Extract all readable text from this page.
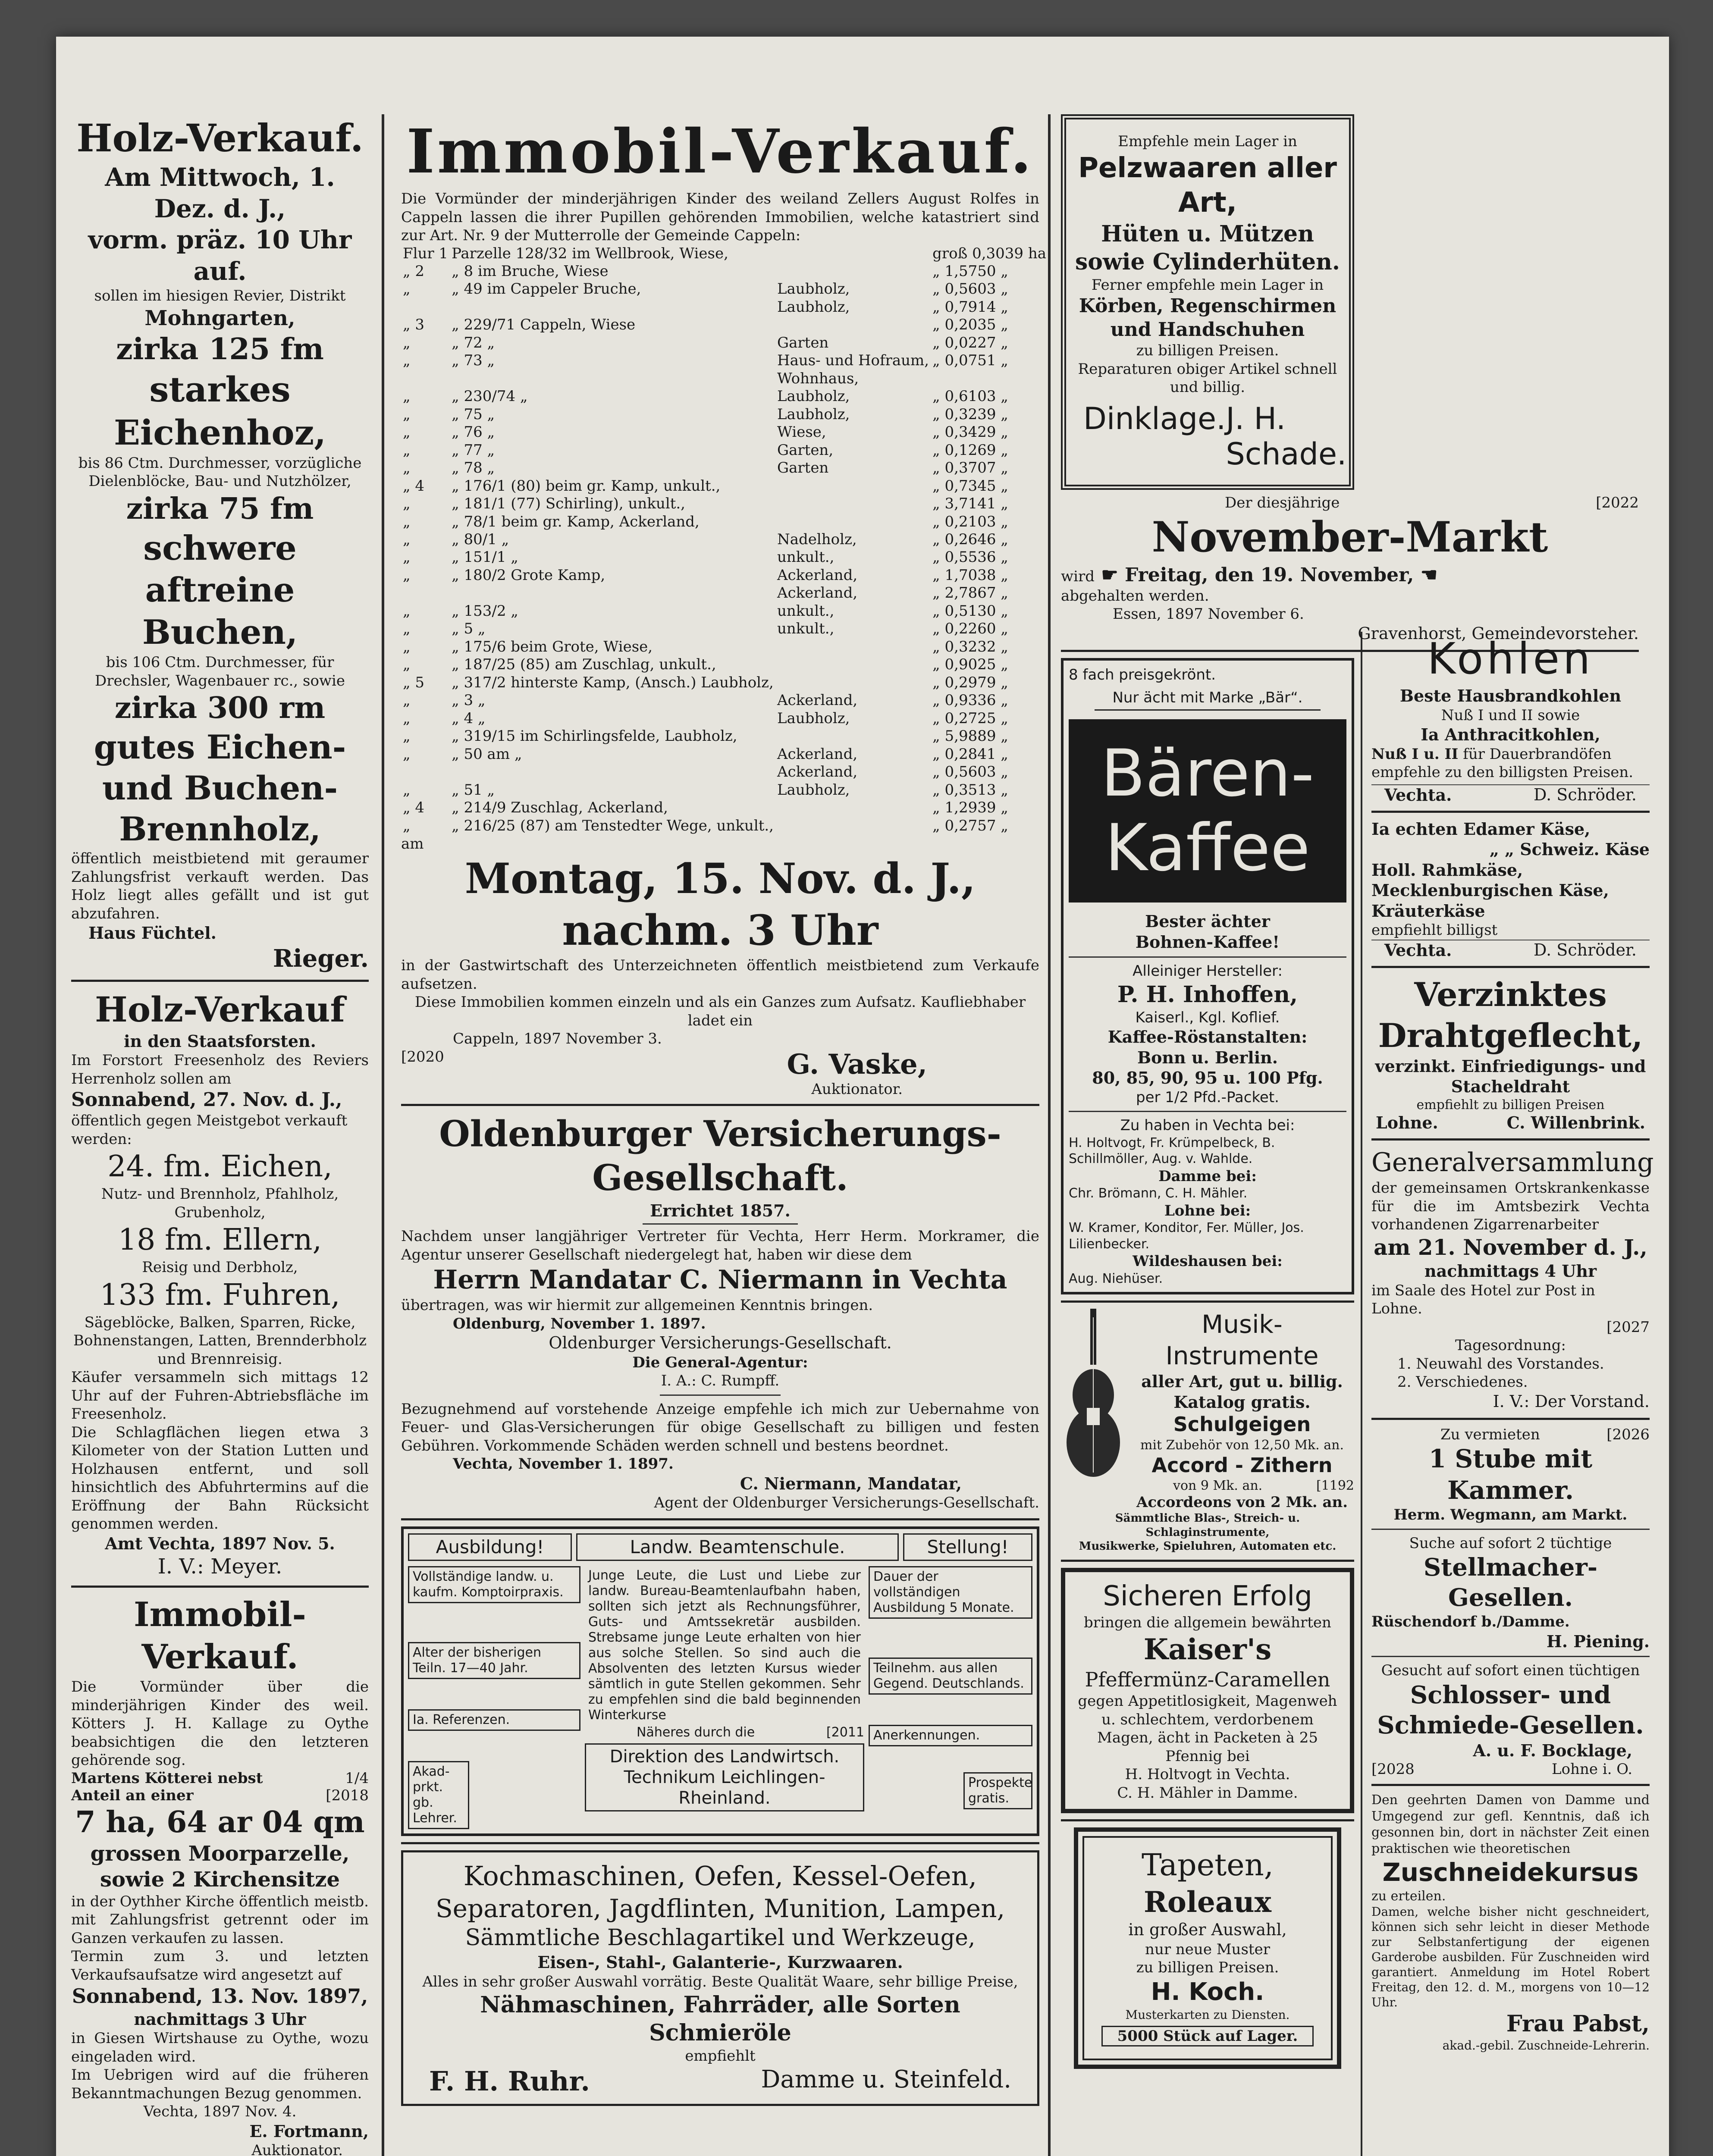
Holz-Verkauf.

Am Mittwoch, 1. Dez. d. J.,

vorm. präz. 10 Uhr auf.

sollen im hiesigen Revier, Distrikt

Mohngarten,

zirka 125 fm

starkes Eichenhoz,

bis 86 Ctm. Durchmesser, vorzügliche Dielenblöcke, Bau- und Nutzhölzer,

zirka 75 fm

schwere aftreine Buchen,

bis 106 Ctm. Durchmesser, für Drechsler, Wagenbauer rc., sowie

zirka 300 rm

gutes Eichen- und Buchen-Brennholz,

öffentlich meistbietend mit geraumer Zahlungsfrist verkauft werden. Das Holz liegt alles gefällt und ist gut abzufahren.

Haus Füchtel.

Rieger.

Holz-Verkauf

in den Staatsforsten.

Im Forstort Freesenholz des Reviers Herrenholz sollen am

Sonnabend, 27. Nov. d. J.,

öffentlich gegen Meistgebot verkauft werden:

24. fm. Eichen,

Nutz- und Brennholz, Pfahlholz, Grubenholz,

18 fm. Ellern,

Reisig und Derbholz,

133 fm. Fuhren,

Sägeblöcke, Balken, Sparren, Ricke, Bohnenstangen, Latten, Brennderbholz und Brennreisig.

Käufer versammeln sich mittags 12 Uhr auf der Fuhren-Abtriebsfläche im Freesenholz.

Die Schlagflächen liegen etwa 3 Kilometer von der Station Lutten und Holzhausen entfernt, und soll hinsichtlich des Abfuhrtermins auf die Eröffnung der Bahn Rücksicht genommen werden.

Amt Vechta, 1897 Nov. 5.

I. V.: Meyer.

Immobil-Verkauf.

Die Vormünder über die minderjährigen Kinder des weil. Kötters J. H. Kallage zu Oythe beabsichtigen die den letzteren gehörende sog.

Martens Kötterei nebst	1/4
Anteil an einer	[2018

7 ha, 64 ar 04 qm

grossen Moorparzelle,

sowie 2 Kirchensitze

in der Oythher Kirche öffentlich meistb. mit Zahlungsfrist getrennt oder im Ganzen verkaufen zu lassen.

Termin zum 3. und letzten Verkaufsaufsatze wird angesetzt auf

Sonnabend, 13. Nov. 1897,

nachmittags 3 Uhr

in Giesen Wirtshause zu Oythe, wozu eingeladen wird.

Im Uebrigen wird auf die früheren Bekanntmachungen Bezug genommen.

Vechta, 1897 Nov. 4.

E. Fortmann,

Auktionator.

Immobil-Verkauf.

Die Vormünder der minderjährigen Kinder des weiland Zellers August Rolfes in Cappeln lassen die ihrer Pupillen gehörenden Immobilien, welche katastriert sind zur Art. Nr. 9 der Mutterrolle der Gemeinde Cappeln:

Flur 1	Parzelle 128/32 im Wellbrook, Wiese,		groß 0,3039 ha
„ 2	„ 8 im Bruche, Wiese		„ 1,5750 „
„	„ 49 im Cappeler Bruche,	Laubholz,	„ 0,5603 „
		Laubholz,	„ 0,7914 „
„ 3	„ 229/71 Cappeln, Wiese		„ 0,2035 „
„	„ 72 „	Garten	„ 0,0227 „
„	„ 73 „	Haus- und Hofraum,	„ 0,0751 „
		Wohnhaus,	
„	„ 230/74 „	Laubholz,	„ 0,6103 „
„	„ 75 „	Laubholz,	„ 0,3239 „
„	„ 76 „	Wiese,	„ 0,3429 „
„	„ 77 „	Garten,	„ 0,1269 „
„	„ 78 „	Garten	„ 0,3707 „
„ 4	„ 176/1 (80) beim gr. Kamp, unkult.,		„ 0,7345 „
„	„ 181/1 (77) Schirling), unkult.,		„ 3,7141 „
„	„ 78/1 beim gr. Kamp, Ackerland,		„ 0,2103 „
„	„ 80/1 „	Nadelholz,	„ 0,2646 „
„	„ 151/1 „	unkult.,	„ 0,5536 „
„	„ 180/2 Grote Kamp,	Ackerland,	„ 1,7038 „
		Ackerland,	„ 2,7867 „
„	„ 153/2 „	unkult.,	„ 0,5130 „
„	„ 5 „	unkult.,	„ 0,2260 „
„	„ 175/6 beim Grote, Wiese,		„ 0,3232 „
„	„ 187/25 (85) am Zuschlag, unkult.,		„ 0,9025 „
„ 5	„ 317/2 hinterste Kamp, (Ansch.) Laubholz,		„ 0,2979 „
„	„ 3 „	Ackerland,	„ 0,9336 „
„	„ 4 „	Laubholz,	„ 0,2725 „
„	„ 319/15 im Schirlingsfelde, Laubholz,		„ 5,9889 „
„	„ 50 am „	Ackerland,	„ 0,2841 „
		Ackerland,	„ 0,5603 „
„	„ 51 „	Laubholz,	„ 0,3513 „
„ 4	„ 214/9 Zuschlag, Ackerland,		„ 1,2939 „
„	„ 216/25 (87) am Tenstedter Wege, unkult.,		„ 0,2757 „

am

Montag, 15. Nov. d. J.,

nachm. 3 Uhr

in der Gastwirtschaft des Unterzeichneten öffentlich meistbietend zum Verkaufe aufsetzen.

Diese Immobilien kommen einzeln und als ein Ganzes zum Aufsatz. Kaufliebhaber ladet ein

Cappeln, 1897 November 3.

[2020	G. Vaske,
Auktionator.

Oldenburger Versicherungs-Gesellschaft.

Errichtet 1857.

Nachdem unser langjähriger Vertreter für Vechta, Herr Herm. Morkramer, die Agentur unserer Gesellschaft niedergelegt hat, haben wir diese dem

Herrn Mandatar C. Niermann in Vechta

übertragen, was wir hiermit zur allgemeinen Kenntnis bringen.

Oldenburg, November 1. 1897.

Oldenburger Versicherungs-Gesellschaft.

Die General-Agentur:

I. A.: C. Rumpff.

Bezugnehmend auf vorstehende Anzeige empfehle ich mich zur Uebernahme von Feuer- und Glas-Versicherungen für obige Gesellschaft zu billigen und festen Gebühren. Vorkommende Schäden werden schnell und bestens beordnet.

Vechta, November 1. 1897.

C. Niermann, Mandatar,

Agent der Oldenburger Versicherungs-Gesellschaft.

Ausbildung!	Landw. Beamtenschule.	Stellung!
Vollständige landw. u. kaufm. Komptoirpraxis.
Alter der bisherigen Teiln. 17—40 Jahr.
Ia. Referenzen.
Akad-prkt. gb. Lehrer.
Junge Leute, die Lust und Liebe zur landw. Bureau-Beamtenlaufbahn haben, sollten sich jetzt als Rechnungsführer, Guts- und Amtssekretär ausbilden. Strebsame junge Leute erhalten von hier aus solche Stellen. So sind auch die Absolventen des letzten Kursus wieder sämtlich in gute Stellen gekommen. Sehr zu empfehlen sind die bald beginnenden Winterkurse
Näheres durch die	[2011
Direktion des Landwirtsch. Technikum Leichlingen-Rheinland.
Dauer der vollständigen Ausbildung 5 Monate.
Teilnehm. aus allen Gegend. Deutschlands.
Anerkennungen.
Prospekte gratis.

Kochmaschinen, Oefen, Kessel-Oefen,

Separatoren, Jagdflinten, Munition, Lampen,

Sämmtliche Beschlagartikel und Werkzeuge,

Eisen-, Stahl-, Galanterie-, Kurzwaaren.

Alles in sehr großer Auswahl vorrätig. Beste Qualität Waare, sehr billige Preise,

Nähmaschinen, Fahrräder, alle Sorten Schmieröle

empfiehlt

F. H. Ruhr.	Damme u. Steinfeld.

Empfehle mein Lager in

Pelzwaaren aller Art,

Hüten u. Mützen sowie Cylinderhüten.

Ferner empfehle mein Lager in

Körben, Regenschirmen und Handschuhen

zu billigen Preisen.

Reparaturen obiger Artikel schnell und billig.

Dinklage. J. H. Schade.
Der diesjährige	[2022

November-Markt

wird ☛ Freitag, den 19. November, ☚

abgehalten werden.

Essen, 1897 November 6.

Gravenhorst, Gemeindevorsteher.

8 fach preisgekrönt.

Nur ächt mit Marke „Bär“.

Bären-

Kaffee

Bester ächter

Bohnen-Kaffee!

Alleiniger Hersteller:

P. H. Inhoffen,

Kaiserl., Kgl. Koflief.

Kaffee-Röstanstalten:

Bonn u. Berlin.

80, 85, 90, 95 u. 100 Pfg.

per 1/2 Pfd.-Packet.

Zu haben in Vechta bei:

H. Holtvogt, Fr. Krümpelbeck, B. Schillmöller, Aug. v. Wahlde.

Damme bei:

Chr. Brömann, C. H. Mähler.

Lohne bei:

W. Kramer, Konditor, Fer. Müller, Jos. Lilienbecker.

Wildeshausen bei:

Aug. Niehüser.

Musik-Instrumente

aller Art, gut u. billig.

Katalog gratis.

Schulgeigen

mit Zubehör von 12,50 Mk. an.

Accord - Zithern

von 9 Mk. an.	[1192

Accordeons von 2 Mk. an.

Sämmtliche Blas-, Streich- u. Schlaginstrumente,

Musikwerke, Spieluhren, Automaten etc.

Sicheren Erfolg

bringen die allgemein bewährten

Kaiser's

Pfeffermünz-Caramellen

gegen Appetitlosigkeit, Magenweh u. schlechtem, verdorbenem Magen, ächt in Packeten à 25 Pfennig bei

H. Holtvogt in Vechta.

C. H. Mähler in Damme.

Tapeten,

Roleaux

in großer Auswahl,

nur neue Muster

zu billigen Preisen.

H. Koch.

Musterkarten zu Diensten.

5000 Stück auf Lager.

Kohlen

Beste Hausbrandkohlen

Nuß I und II sowie

Ia Anthracitkohlen,

Nuß I u. II für Dauerbrandöfen

empfehle zu den billigsten Preisen.

Vechta.	D. Schröder.

Ia echten Edamer Käse,

„ „ Schweiz. Käse

Holl. Rahmkäse,

Mecklenburgischen Käse,

Kräuterkäse

empfiehlt billigst

Vechta.	D. Schröder.

Verzinktes

Drahtgeflecht,

verzinkt. Einfriedigungs- und Stacheldraht

empfiehlt zu billigen Preisen

Lohne.	C. Willenbrink.

Generalversammlung

der gemeinsamen Ortskrankenkasse für die im Amtsbezirk Vechta vorhandenen Zigarrenarbeiter

am 21. November d. J.,

nachmittags 4 Uhr

im Saale des Hotel zur Post in Lohne.

[2027

Tagesordnung:

1. Neuwahl des Vorstandes.

2. Verschiedenes.

I. V.: Der Vorstand.

Zu vermieten	[2026

1 Stube mit Kammer.

Herm. Wegmann, am Markt.

Suche auf sofort 2 tüchtige

Stellmacher-Gesellen.

Rüschendorf b./Damme.

H. Piening.

Gesucht auf sofort einen tüchtigen

Schlosser- und Schmiede-Gesellen.

A. u. F. Bocklage,

[2028	Lohne i. O.

Den geehrten Damen von Damme und Umgegend zur gefl. Kenntnis, daß ich gesonnen bin, dort in nächster Zeit einen praktischen wie theoretischen

Zuschneidekursus

zu erteilen.

Damen, welche bisher nicht geschneidert, können sich sehr leicht in dieser Methode zur Selbstanfertigung der eigenen Garderobe ausbilden. Für Zuschneiden wird garantiert. Anmeldung im Hotel Robert Freitag, den 12. d. M., morgens von 10—12 Uhr.

Frau Pabst,

akad.-gebil. Zuschneide-Lehrerin.
